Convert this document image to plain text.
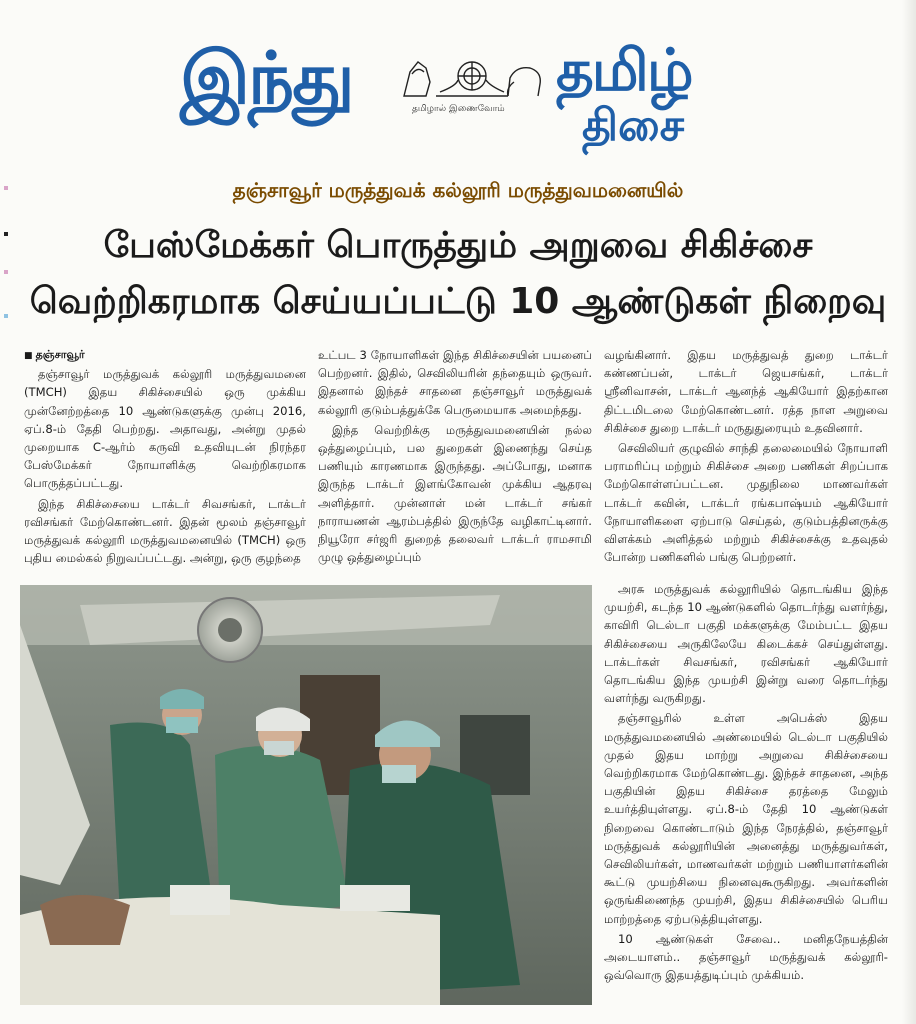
இந்து	தமிழால் இணைவோம்
தமிழ்
திசை
தஞ்சாவூர் மருத்துவக் கல்லூரி மருத்துவமனையில்
பேஸ்மேக்கர் பொருத்தும் அறுவை சிகிச்சை
வெற்றிகரமாக செய்யப்பட்டு 10 ஆண்டுகள் நிறைவு
■ தஞ்சாவூர்

தஞ்சாவூர் மருத்துவக் கல்லூரி மருத்துவமனை (TMCH) இதய சிகிச்சையில் ஒரு முக்கிய முன்னேற்றத்தை 10 ஆண்டுகளுக்கு முன்பு 2016, ஏப்.8-ம் தேதி பெற்றது. அதாவது, அன்று முதல் முறையாக C-ஆர்ம் கருவி உதவியுடன் நிரந்தர பேஸ்மேக்கர் நோயாளிக்கு வெற்றிகரமாக பொருத்தப்பட்டது.

இந்த சிகிச்சையை டாக்டர் சிவசங்கர், டாக்டர் ரவிசங்கர் மேற்கொண்டனர். இதன் மூலம் தஞ்சாவூர் மருத்துவக் கல்லூரி மருத்துவமனையில் (TMCH) ஒரு புதிய மைல்கல் நிறுவப்பட்டது. அன்று, ஒரு குழந்தை

உட்பட 3 நோயாளிகள் இந்த சிகிச்சையின் பயனைப் பெற்றனர். இதில், செவிலியரின் தந்தையும் ஒருவர். இதனால் இந்தச் சாதனை தஞ்சாவூர் மருத்துவக் கல்லூரி குடும்பத்துக்கே பெருமையாக அமைந்தது.

இந்த வெற்றிக்கு மருத்துவமனையின் நல்ல ஒத்துழைப்பும், பல துறைகள் இணைந்து செய்த பணியும் காரணமாக இருந்தது. அப்போது, மனாக இருந்த டாக்டர் இளங்கோவன் முக்கிய ஆதரவு அளித்தார். முன்னாள் மன் டாக்டர் சங்கர் நாராயணன் ஆரம்பத்தில் இருந்தே வழிகாட்டினார். நியூரோ சர்ஜரி துறைத் தலைவர் டாக்டர் ராமசாமி முழு ஒத்துழைப்பும்

வழங்கினார். இதய மருத்துவத் துறை டாக்டர் கண்ணப்பன், டாக்டர் ஜெயசங்கர், டாக்டர் ஸ்ரீனிவாசன், டாக்டர் ஆனந்த் ஆகியோர் இதற்கான திட்டமிடலை மேற்கொண்டனர். ரத்த நாள அறுவை சிகிச்சை துறை டாக்டர் மருதுதுரையும் உதவினார்.

செவிலியர் குழுவில் சாந்தி தலைமையில் நோயாளி பராமரிப்பு மற்றும் சிகிச்சை அறை பணிகள் சிறப்பாக மேற்கொள்ளப்பட்டன. முதுநிலை மாணவர்கள் டாக்டர் கவின், டாக்டர் ரங்கபாஷ்யம் ஆகியோர் நோயாளிகளை ஏற்பாடு செய்தல், குடும்பத்தினருக்கு விளக்கம் அளித்தல் மற்றும் சிகிச்சைக்கு உதவுதல் போன்ற பணிகளில் பங்கு பெற்றனர்.

அரசு மருத்துவக் கல்லூரியில் தொடங்கிய இந்த முயற்சி, கடந்த 10 ஆண்டுகளில் தொடர்ந்து வளர்ந்து, காவிரி டெல்டா பகுதி மக்களுக்கு மேம்பட்ட இதய சிகிச்சையை அருகிலேயே கிடைக்கச் செய்துள்ளது. டாக்டர்கள் சிவசங்கர், ரவிசங்கர் ஆகியோர் தொடங்கிய இந்த முயற்சி இன்று வரை தொடர்ந்து வளர்ந்து வருகிறது.

தஞ்சாவூரில் உள்ள அபெக்ஸ் இதய மருத்துவமனையில் அண்மையில் டெல்டா பகுதியில் முதல் இதய மாற்று அறுவை சிகிச்சையை வெற்றிகரமாக மேற்கொண்டது. இந்தச் சாதனை, அந்த பகுதியின் இதய சிகிச்சை தரத்தை மேலும் உயர்த்தியுள்ளது. ஏப்.8-ம் தேதி 10 ஆண்டுகள் நிறைவை கொண்டாடும் இந்த நேரத்தில், தஞ்சாவூர் மருத்துவக் கல்லூரியின் அனைத்து மருத்துவர்கள், செவிலியர்கள், மாணவர்கள் மற்றும் பணியாளர்களின் கூட்டு முயற்சியை நினைவுகூருகிறது. அவர்களின் ஒருங்கிணைந்த முயற்சி, இதய சிகிச்சையில் பெரிய மாற்றத்தை ஏற்படுத்தியுள்ளது.

10 ஆண்டுகள் சேவை.. மனிதநேயத்தின் அடையாளம்.. தஞ்சாவூர் மருத்துவக் கல்லூரி- ஒவ்வொரு இதயத்துடிப்பும் முக்கியம்.
